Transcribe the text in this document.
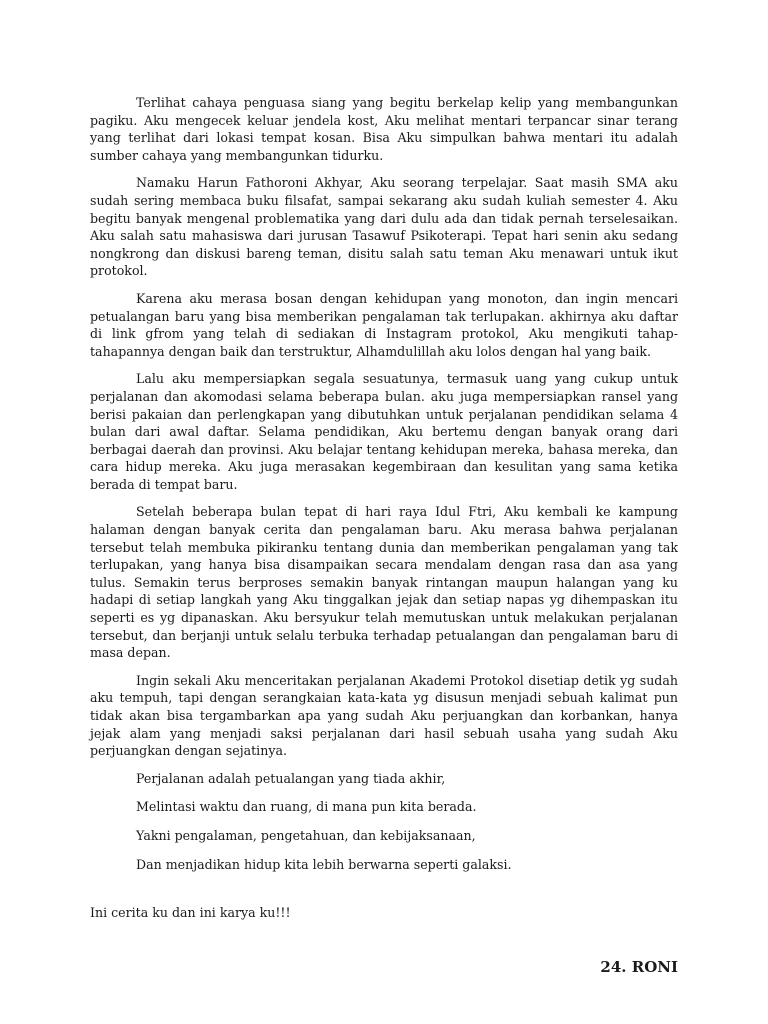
Terlihat cahaya penguasa siang yang begitu berkelap kelip yang membangunkan pagiku. Aku mengecek keluar jendela kost, Aku melihat mentari terpancar sinar terang yang terlihat dari lokasi tempat kosan. Bisa Aku simpulkan bahwa mentari itu adalah sumber cahaya yang membangunkan tidurku.

Namaku Harun Fathoroni Akhyar, Aku seorang terpelajar. Saat masih SMA aku sudah sering membaca buku filsafat, sampai sekarang aku sudah kuliah semester 4. Aku begitu banyak mengenal problematika yang dari dulu ada dan tidak pernah terselesaikan. Aku salah satu mahasiswa dari jurusan Tasawuf Psikoterapi. Tepat hari senin aku sedang nongkrong dan diskusi bareng teman, disitu salah satu teman Aku menawari untuk ikut protokol.

Karena aku merasa bosan dengan kehidupan yang monoton, dan ingin mencari petualangan baru yang bisa memberikan pengalaman tak terlupakan. akhirnya aku daftar di link gfrom yang telah di sediakan di Instagram protokol, Aku mengikuti tahap-tahapannya dengan baik dan terstruktur, Alhamdulillah aku lolos dengan hal yang baik.

Lalu aku mempersiapkan segala sesuatunya, termasuk uang yang cukup untuk perjalanan dan akomodasi selama beberapa bulan. aku juga mempersiapkan ransel yang berisi pakaian dan perlengkapan yang dibutuhkan untuk perjalanan pendidikan selama 4 bulan dari awal daftar. Selama pendidikan, Aku bertemu dengan banyak orang dari berbagai daerah dan provinsi. Aku belajar tentang kehidupan mereka, bahasa mereka, dan cara hidup mereka. Aku juga merasakan kegembiraan dan kesulitan yang sama ketika berada di tempat baru.

Setelah beberapa bulan tepat di hari raya Idul Ftri, Aku kembali ke kampung halaman dengan banyak cerita dan pengalaman baru. Aku merasa bahwa perjalanan tersebut telah membuka pikiranku tentang dunia dan memberikan pengalaman yang tak terlupakan, yang hanya bisa disampaikan secara mendalam dengan rasa dan asa yang tulus. Semakin terus berproses semakin banyak rintangan maupun halangan yang ku hadapi di setiap langkah yang Aku tinggalkan jejak dan setiap napas yg dihempaskan itu seperti es yg dipanaskan. Aku bersyukur telah memutuskan untuk melakukan perjalanan tersebut, dan berjanji untuk selalu terbuka terhadap petualangan dan pengalaman baru di masa depan.

Ingin sekali Aku menceritakan perjalanan Akademi Protokol disetiap detik yg sudah aku tempuh, tapi dengan serangkaian kata-kata yg disusun menjadi sebuah kalimat pun tidak akan bisa tergambarkan apa yang sudah Aku perjuangkan dan korbankan, hanya jejak alam yang menjadi saksi perjalanan dari hasil sebuah usaha yang sudah Aku perjuangkan dengan sejatinya.

Perjalanan adalah petualangan yang tiada akhir,
Melintasi waktu dan ruang, di mana pun kita berada.
Yakni pengalaman, pengetahuan, dan kebijaksanaan,
Dan menjadikan hidup kita lebih berwarna seperti galaksi.
Ini cerita ku dan ini karya ku!!!
24. RONI
